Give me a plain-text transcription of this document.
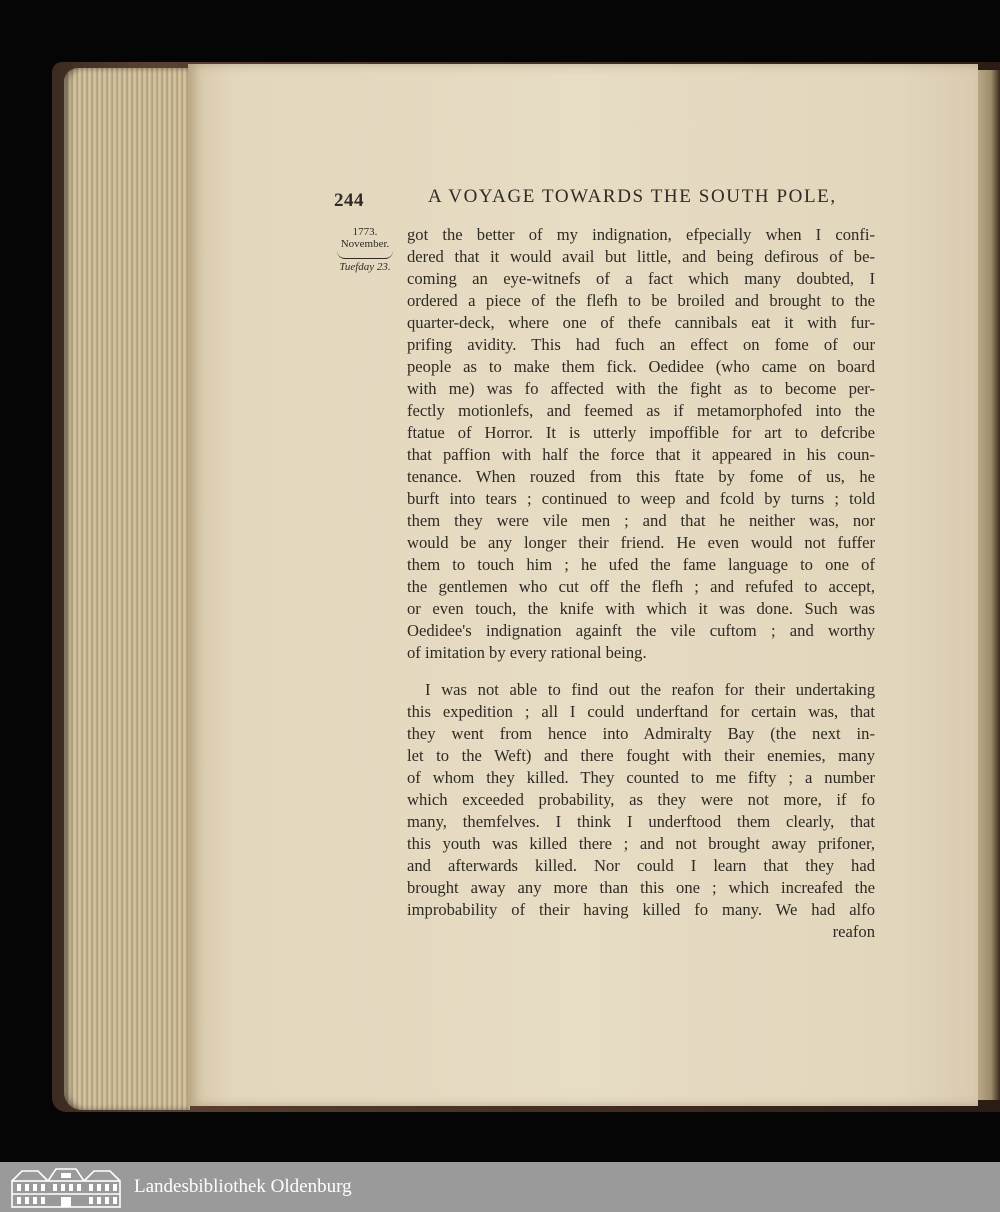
244	A VOYAGE TOWARDS THE SOUTH POLE,
1773.
November.
Tuefday 23.
got the better of my indignation, efpecially when I confi-
dered that it would avail but little, and being defirous of be-
coming an eye-witnefs of a fact which many doubted, I
ordered a piece of the flefh to be broiled and brought to the
quarter-deck, where one of thefe cannibals eat it with fur-
prifing avidity. This had fuch an effect on fome of our
people as to make them fick. Oedidee (who came on board
with me) was fo affected with the fight as to become per-
fectly motionlefs, and feemed as if metamorphofed into the
ftatue of Horror. It is utterly impoffible for art to defcribe
that paffion with half the force that it appeared in his coun-
tenance. When rouzed from this ftate by fome of us, he
burft into tears ; continued to weep and fcold by turns ; told
them they were vile men ; and that he neither was, nor
would be any longer their friend. He even would not fuffer
them to touch him ; he ufed the fame language to one of
the gentlemen who cut off the flefh ; and refufed to accept,
or even touch, the knife with which it was done. Such was
Oedidee's indignation againft the vile cuftom ; and worthy
of imitation by every rational being.
I was not able to find out the reafon for their undertaking
this expedition ; all I could underftand for certain was, that
they went from hence into Admiralty Bay (the next in-
let to the Weft) and there fought with their enemies, many
of whom they killed. They counted to me fifty ; a number
which exceeded probability, as they were not more, if fo
many, themfelves. I think I underftood them clearly, that
this youth was killed there ; and not brought away prifoner,
and afterwards killed. Nor could I learn that they had
brought away any more than this one ; which increafed the
improbability of their having killed fo many. We had alfo
reafon
Landesbibliothek Oldenburg
